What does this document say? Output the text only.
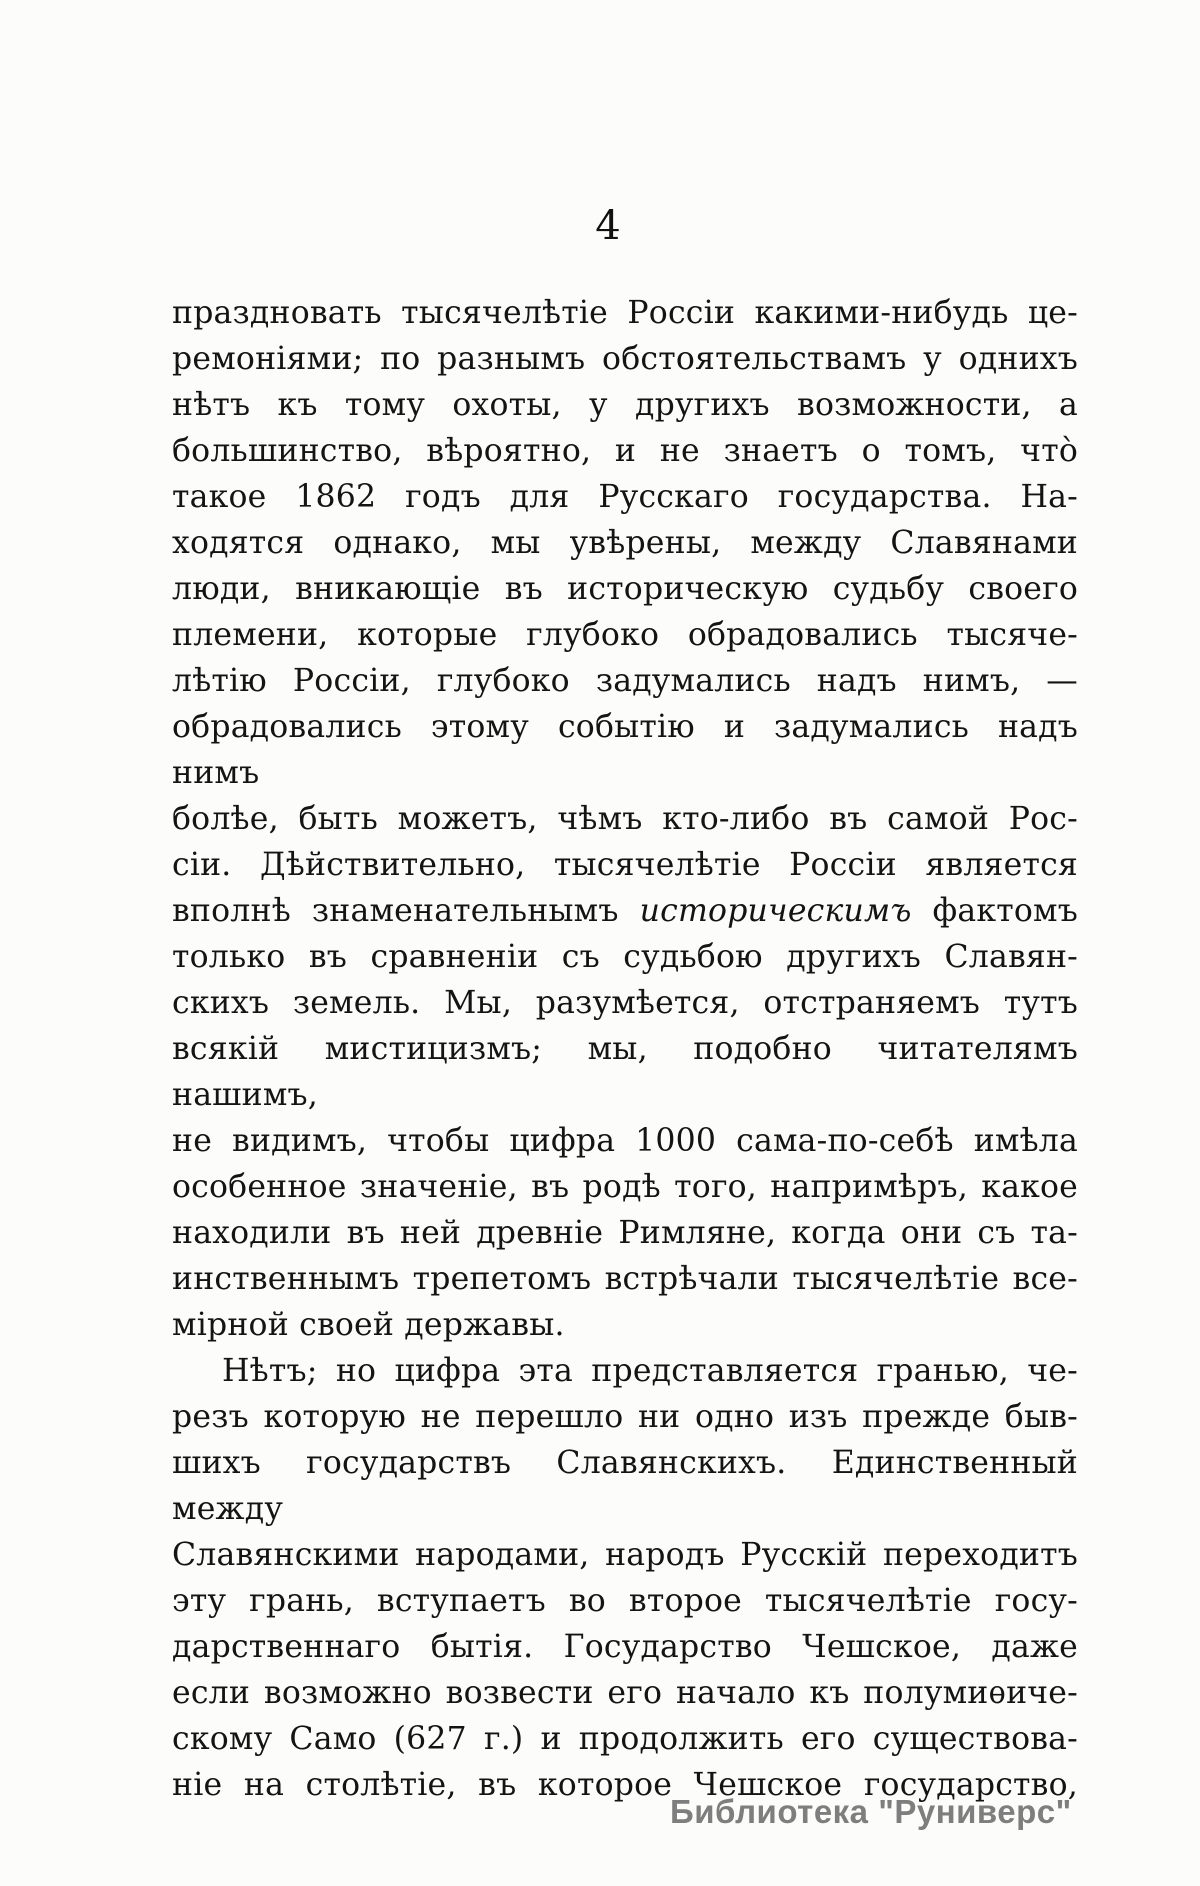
4
праздновать тысячелѣтіе Россіи какими-нибудь це-
ремоніями; по разнымъ обстоятельствамъ у однихъ
нѣтъ къ тому охоты, у другихъ возможности, а
большинство, вѣроятно, и не знаетъ о томъ, что̀
такое 1862 годъ для Русскаго государства. На-
ходятся однако, мы увѣрены, между Славянами
люди, вникающіе въ историческую судьбу своего
племени, которые глубоко обрадовались тысяче-
лѣтію Россіи, глубоко задумались надъ нимъ, —
обрадовались этому событію и задумались надъ нимъ
болѣе, быть можетъ, чѣмъ кто-либо въ самой Рос-
сіи. Дѣйствительно, тысячелѣтіе Россіи является
вполнѣ знаменательнымъ историческимъ фактомъ
только въ сравненіи съ судьбою другихъ Славян-
скихъ земель. Мы, разумѣется, отстраняемъ тутъ
всякій мистицизмъ; мы, подобно читателямъ нашимъ,
не видимъ, чтобы цифра 1000 сама-по-себѣ имѣла
особенное значеніе, въ родѣ того, напримѣръ, какое
находили въ ней древніе Римляне, когда они съ та-
инственнымъ трепетомъ встрѣчали тысячелѣтіе все-
мірной своей державы.
Нѣтъ; но цифра эта представляется гранью, че-
резъ которую не перешло ни одно изъ прежде быв-
шихъ государствъ Славянскихъ. Единственный между
Славянскими народами, народъ Русскій переходитъ
эту грань, вступаетъ во второе тысячелѣтіе госу-
дарственнаго бытія. Государство Чешское, даже
если возможно возвести его начало къ полумиѳиче-
скому Само (627 г.) и продолжить его существова-
ніе на столѣтіе, въ которое Чешское государство,
Библиотека "Руниверс"
